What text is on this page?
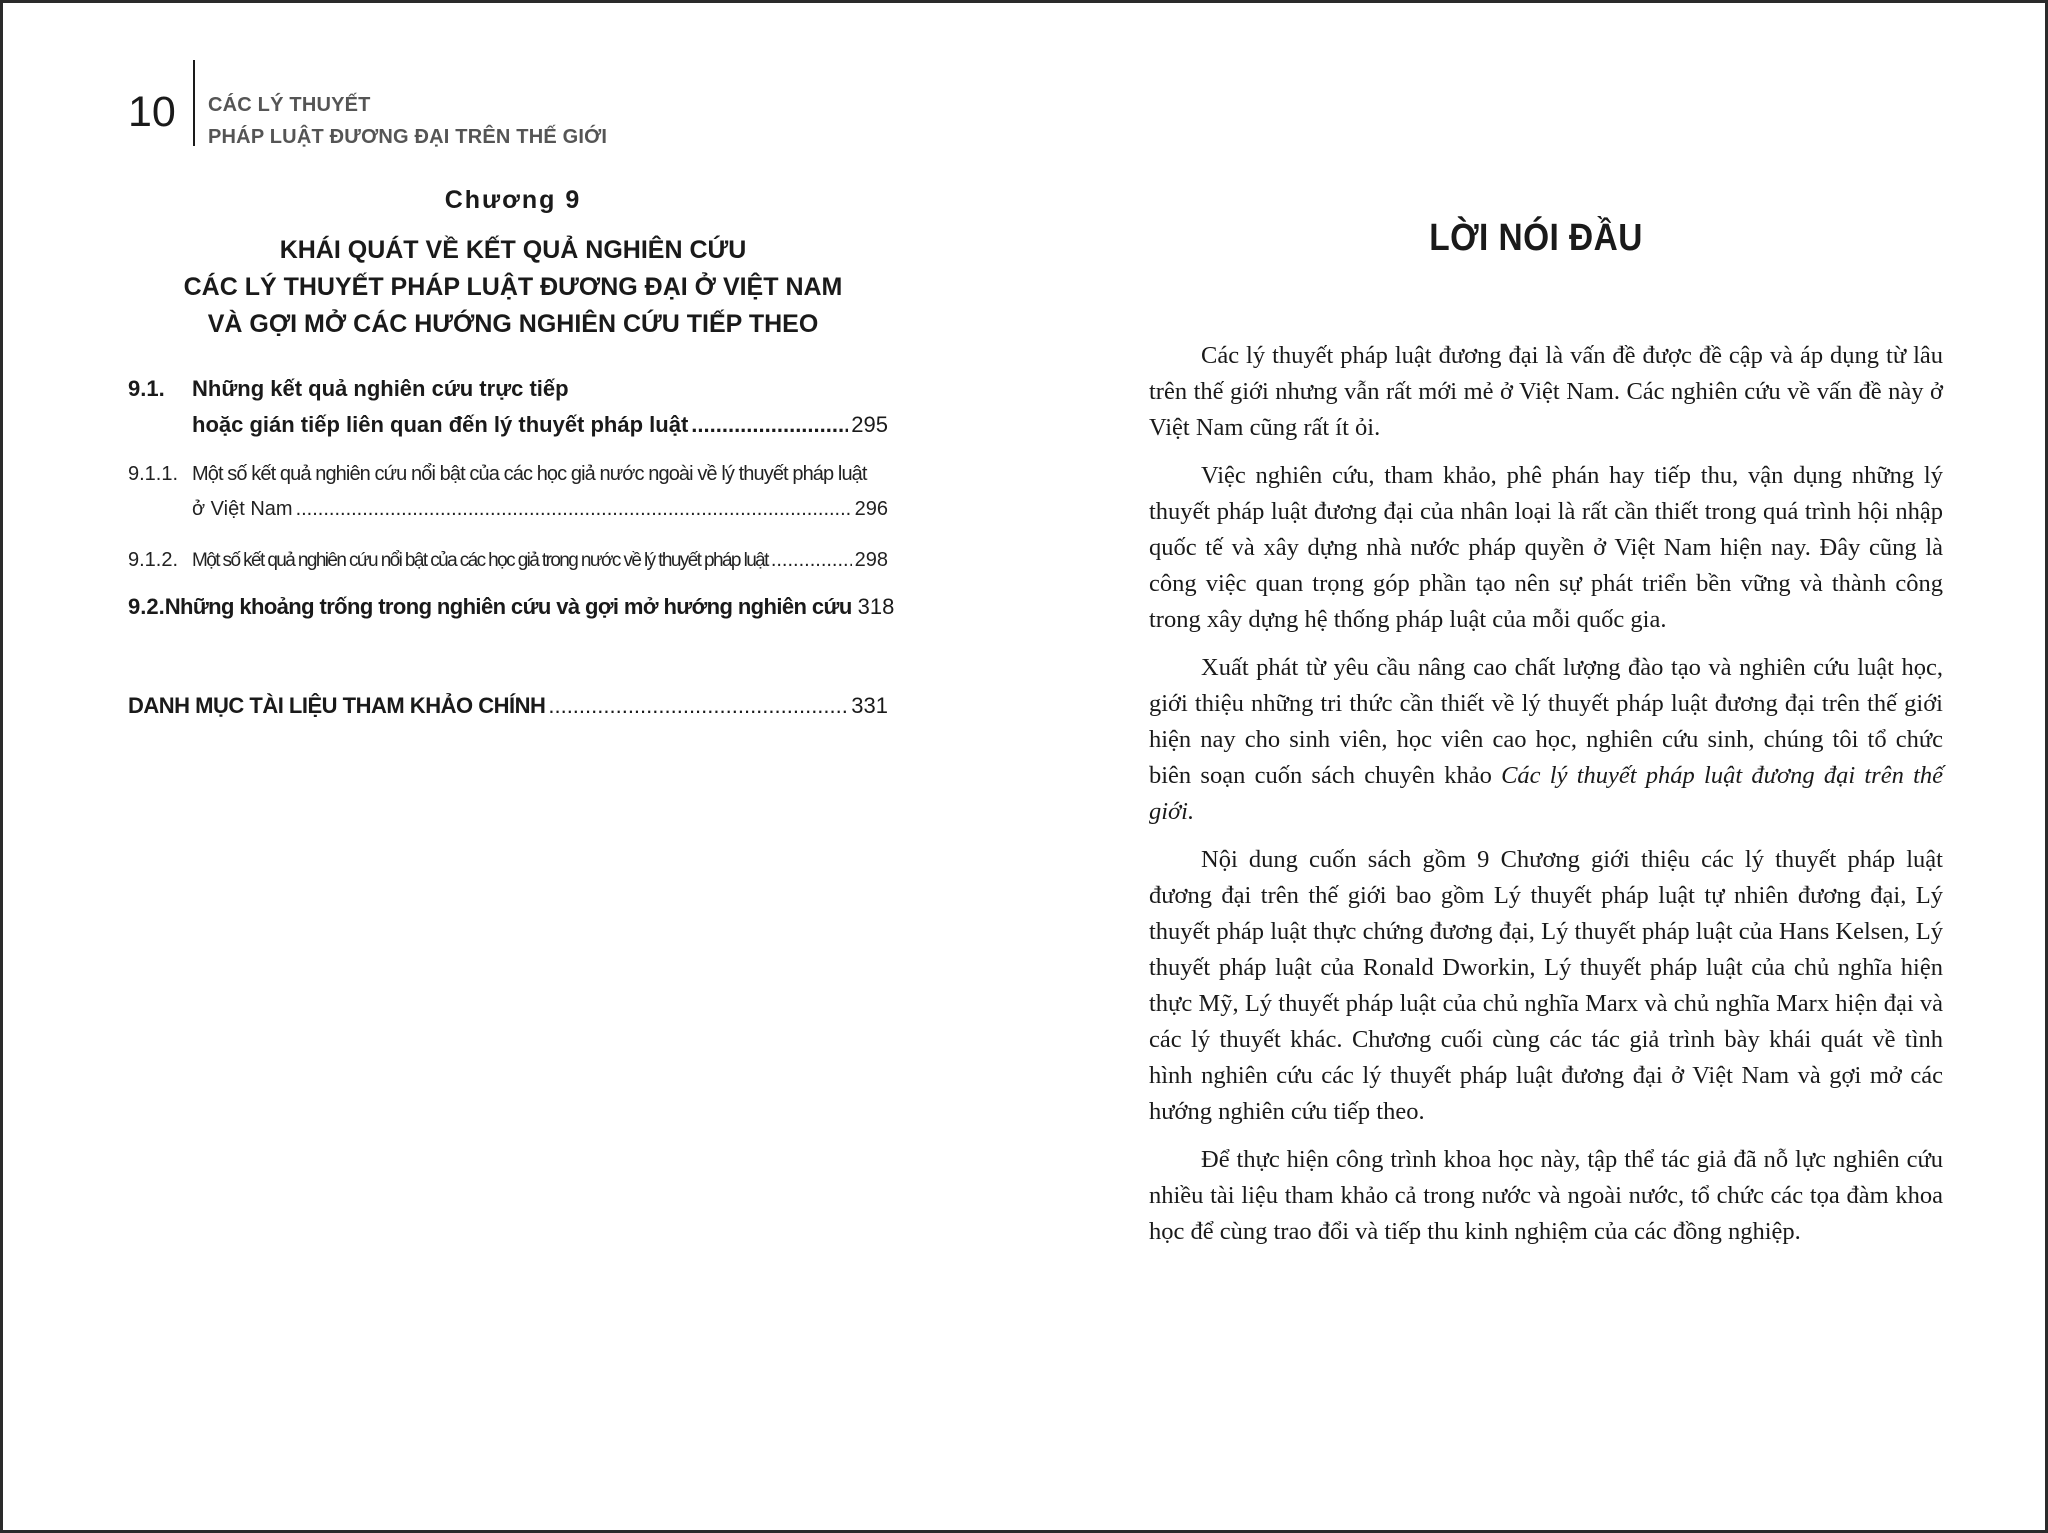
10 CÁC LÝ THUYẾT
PHÁP LUẬT ĐƯƠNG ĐẠI TRÊN THẾ GIỚI
Chương 9
KHÁI QUÁT VỀ KẾT QUẢ NGHIÊN CỨU
CÁC LÝ THUYẾT PHÁP LUẬT ĐƯƠNG ĐẠI Ở VIỆT NAM
VÀ GỢI MỞ CÁC HƯỚNG NGHIÊN CỨU TIẾP THEO
9.1.	Những kết quả nghiên cứu trực tiếp
hoặc gián tiếp liên quan đến lý thuyết pháp luật .....	295
9.1.1. Một số kết quả nghiên cứu nổi bật của các học giả nước ngoài về lý thuyết pháp luật
ở Việt Nam .....	296
9.1.2. Một số kết quả nghiên cứu nổi bật của các học giả trong nước về lý thuyết pháp luật .....	298
9.2. Những khoảng trống trong nghiên cứu và gợi mở hướng nghiên cứu 318
DANH MỤC TÀI LIỆU THAM KHẢO CHÍNH .....	331
LỜI NÓI ĐẦU

Các lý thuyết pháp luật đương đại là vấn đề được đề cập và áp dụng từ lâu trên thế giới nhưng vẫn rất mới mẻ ở Việt Nam. Các nghiên cứu về vấn đề này ở Việt Nam cũng rất ít ỏi.

Việc nghiên cứu, tham khảo, phê phán hay tiếp thu, vận dụng những lý thuyết pháp luật đương đại của nhân loại là rất cần thiết trong quá trình hội nhập quốc tế và xây dựng nhà nước pháp quyền ở Việt Nam hiện nay. Đây cũng là công việc quan trọng góp phần tạo nên sự phát triển bền vững và thành công trong xây dựng hệ thống pháp luật của mỗi quốc gia.

Xuất phát từ yêu cầu nâng cao chất lượng đào tạo và nghiên cứu luật học, giới thiệu những tri thức cần thiết về lý thuyết pháp luật đương đại trên thế giới hiện nay cho sinh viên, học viên cao học, nghiên cứu sinh, chúng tôi tổ chức biên soạn cuốn sách chuyên khảo Các lý thuyết pháp luật đương đại trên thế giới.

Nội dung cuốn sách gồm 9 Chương giới thiệu các lý thuyết pháp luật đương đại trên thế giới bao gồm Lý thuyết pháp luật tự nhiên đương đại, Lý thuyết pháp luật thực chứng đương đại, Lý thuyết pháp luật của Hans Kelsen, Lý thuyết pháp luật của Ronald Dworkin, Lý thuyết pháp luật của chủ nghĩa hiện thực Mỹ, Lý thuyết pháp luật của chủ nghĩa Marx và chủ nghĩa Marx hiện đại và các lý thuyết khác. Chương cuối cùng các tác giả trình bày khái quát về tình hình nghiên cứu các lý thuyết pháp luật đương đại ở Việt Nam và gợi mở các hướng nghiên cứu tiếp theo.

Để thực hiện công trình khoa học này, tập thể tác giả đã nỗ lực nghiên cứu nhiều tài liệu tham khảo cả trong nước và ngoài nước, tổ chức các tọa đàm khoa học để cùng trao đổi và tiếp thu kinh nghiệm của các đồng nghiệp.
